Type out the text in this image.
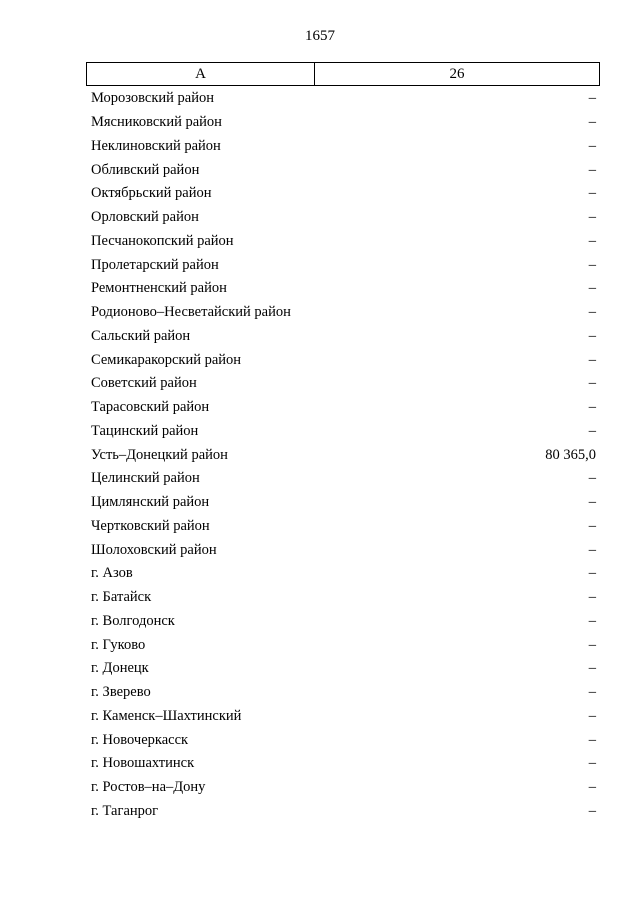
1657
А	26
Морозовский район	–
Мясниковский район	–
Неклиновский район	–
Обливский район	–
Октябрьский район	–
Орловский район	–
Песчанокопский район	–
Пролетарский район	–
Ремонтненский район	–
Родионово–Несветайский район	–
Сальский район	–
Семикаракорский район	–
Советский район	–
Тарасовский район	–
Тацинский район	–
Усть–Донецкий район	80 365,0
Целинский район	–
Цимлянский район	–
Чертковский район	–
Шолоховский район	–
г. Азов	–
г. Батайск	–
г. Волгодонск	–
г. Гуково	–
г. Донецк	–
г. Зверево	–
г. Каменск–Шахтинский	–
г. Новочеркасск	–
г. Новошахтинск	–
г. Ростов–на–Дону	–
г. Таганрог	–
